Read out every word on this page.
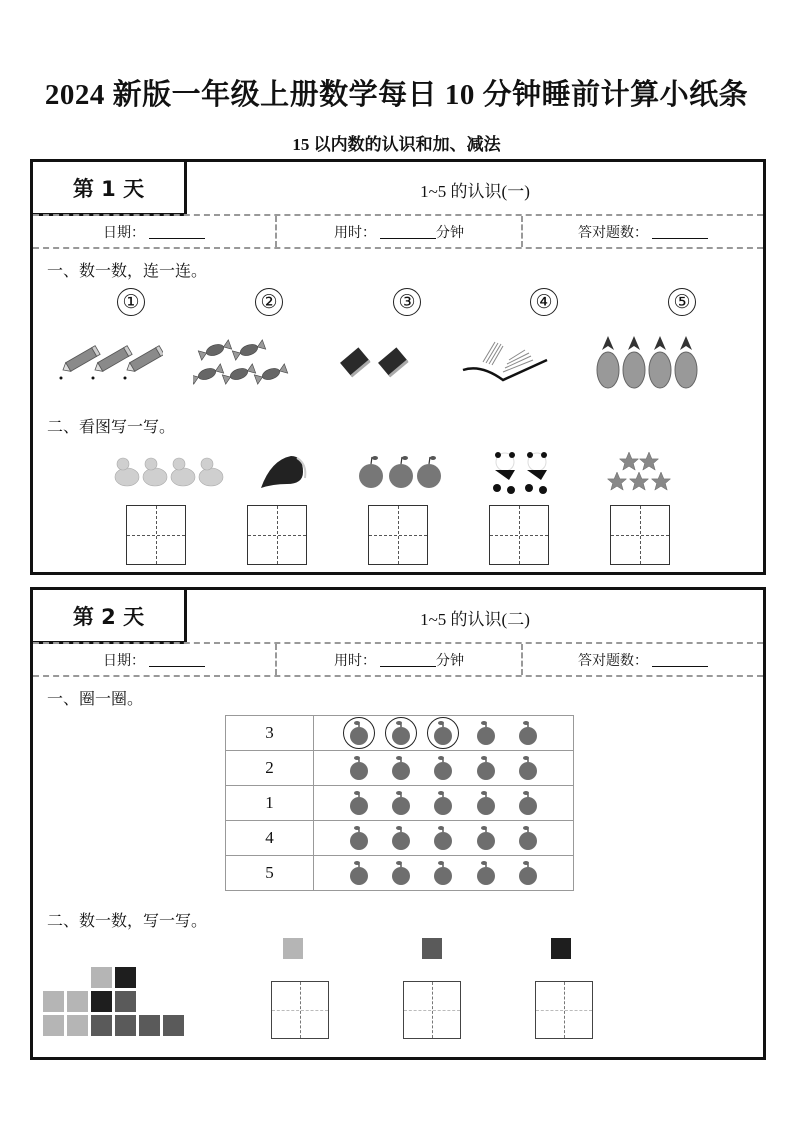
2024 新版一年级上册数学每日 10 分钟睡前计算小纸条
15 以内数的认识和加、减法
第 1 天	1~5 的认识(一)
日期：	用时：	分钟	答对题数：
一、数一数，连一连。
①	②	③	④	⑤
二、看图写一写。
第 2 天	1~5 的认识(二)
日期：	用时：	分钟	答对题数：
一、圈一圈。
3	

2	

1	

4	

5	
二、数一数，写一写。
